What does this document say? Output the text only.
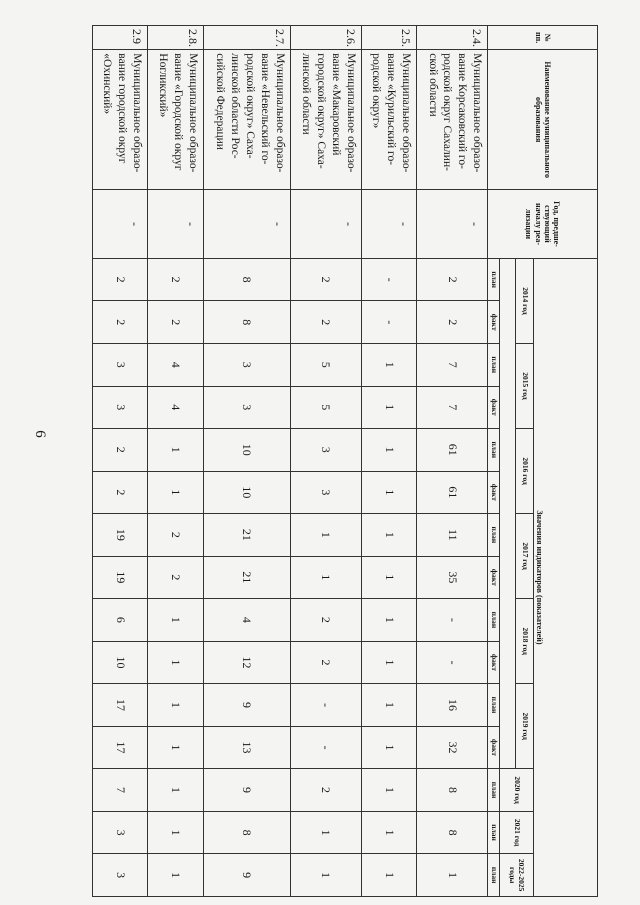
6
№ пп.	Наименование муниципального образования	Год, предше-ствующий началу реа-лизации	Значения индикаторов (показателей)														
			2014 год		2015 год		2016 год		2017 год		2018 год		2019 год		2020 год	2021 год	2022-2025 годы

			план	факт	план	факт	план	факт	план	факт	план	факт	план	факт	план	план	план
2.4.	Муниципальное образо-вание Корсаковский го-родской округ Сахалин-ской области	-	2	2	7	7	61	61	11	35	-	-	16	32	8	8	1
2.5.	Муниципальное образо-вание «Курильский го-родской округ»	-	-	-	1	1	1	1	1	1	1	1	1	1	1	1	1
2.6.	Муниципальное образо-вание «Макаровский городской округ» Саха-линской области	-	2	2	5	5	3	3	1	1	2	2	-	-	2	1	1
2.7.	Муниципальное образо-вание «Невельский го-родской округ» Саха-линской области Рос-сийской Федерации	-	8	8	3	3	10	10	21	21	4	12	9	13	9	8	9
2.8.	Муниципальное образо-вание «Городской округ Ногликский»	-	2	2	4	4	1	1	2	2	1	1	1	1	1	1	1
2.9	Муниципальное образо-вание городской округ «Охинский»	-	2	2	3	3	2	2	19	19	6	10	17	17	7	3	3
